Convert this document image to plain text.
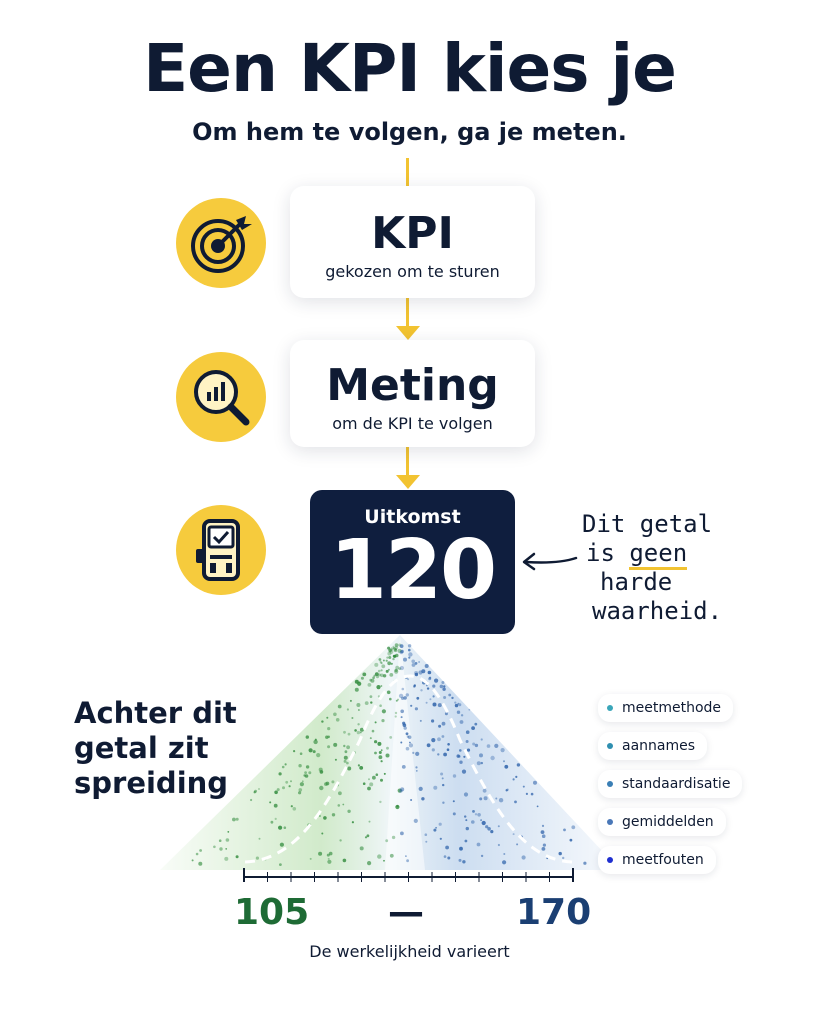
Een KPI kies je
Om hem te volgen, ga je meten.
KPI
gekozen om te sturen
Meting
om de KPI te volgen
Uitkomst
120	Dit getal
is geen
harde
waarheid.
Achter dit
getal zit
spreiding
meetmethode
aannames
standaardisatie
gemiddelden
meetfouten
105 —	170
De werkelijkheid varieert
